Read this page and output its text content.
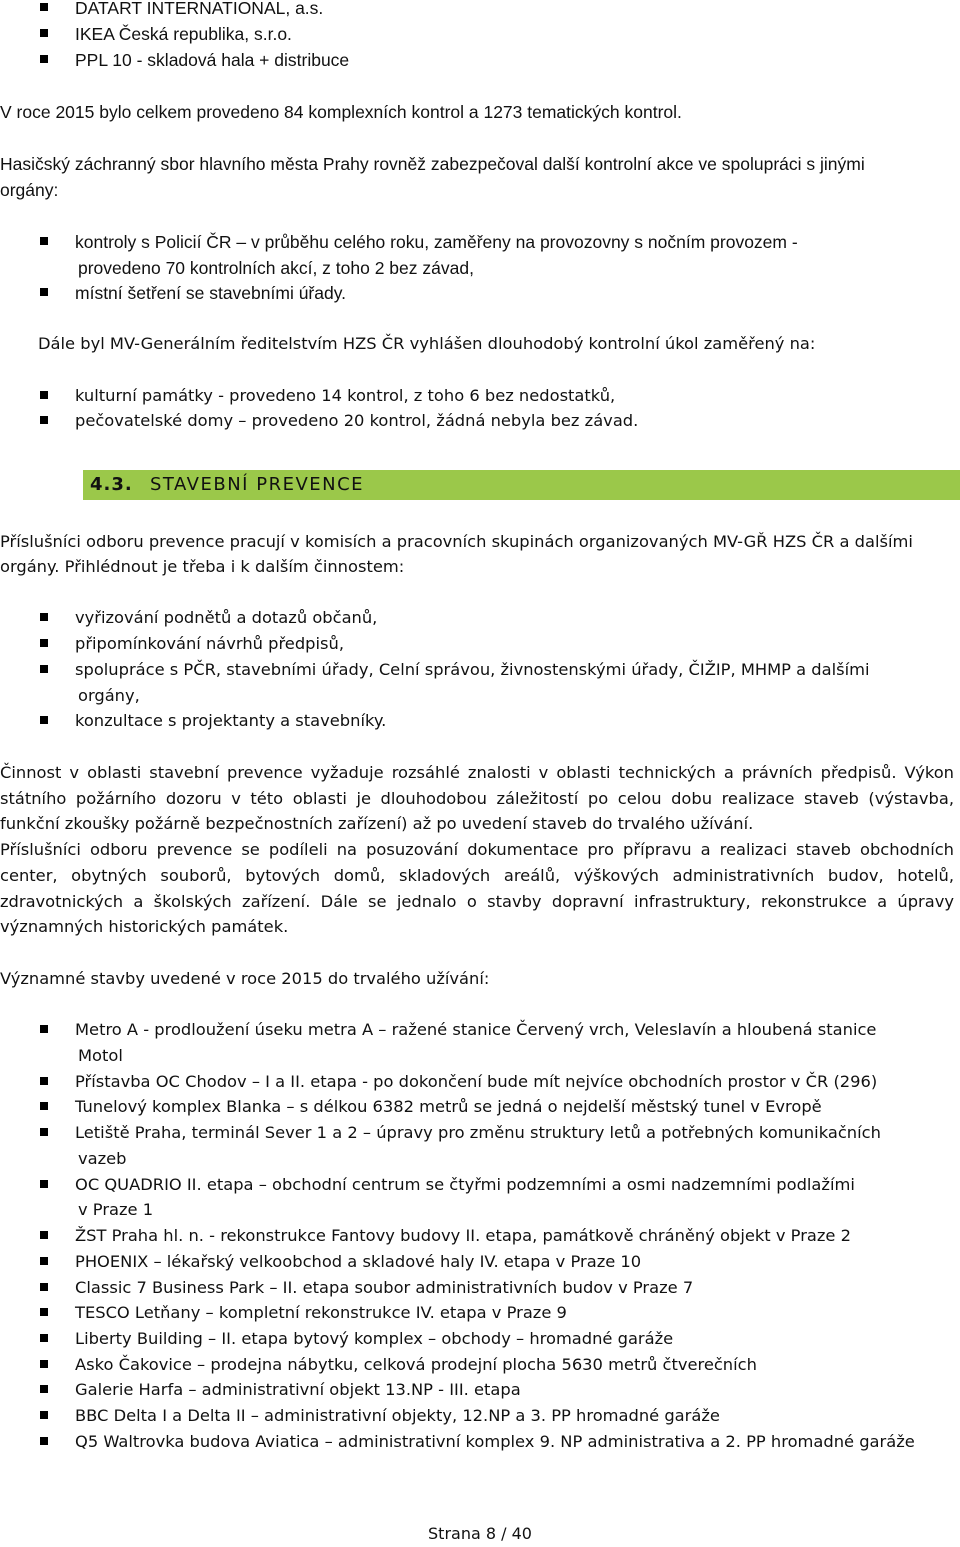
DATART INTERNATIONAL, a.s.
IKEA Česká republika, s.r.o.
PPL 10 - skladová hala + distribuce
V roce 2015 bylo celkem provedeno 84 komplexních kontrol a 1273 tematických kontrol.
Hasičský záchranný sbor hlavního města Prahy rovněž zabezpečoval další kontrolní akce ve spolupráci s jinými
orgány:
kontroly s Policií ČR – v průběhu celého roku, zaměřeny na provozovny s nočním provozem -
provedeno 70 kontrolních akcí, z toho 2 bez závad,
místní šetření se stavebními úřady.
Dále byl MV-Generálním ředitelstvím HZS ČR vyhlášen dlouhodobý kontrolní úkol zaměřený na:
kulturní památky - provedeno 14 kontrol, z toho 6 bez nedostatků,
pečovatelské domy – provedeno 20 kontrol, žádná nebyla bez závad.
4.3. STAVEBNÍ PREVENCE
Příslušníci odboru prevence pracují v komisích a pracovních skupinách organizovaných MV-GŘ HZS ČR a dalšími
orgány. Přihlédnout je třeba i k dalším činnostem:
vyřizování podnětů a dotazů občanů,
připomínkování návrhů předpisů,
spolupráce s PČR, stavebními úřady, Celní správou, živnostenskými úřady, ČIŽIP, MHMP a dalšími
orgány,
konzultace s projektanty a stavebníky.
Činnost v oblasti stavební prevence vyžaduje rozsáhlé znalosti v oblasti technických a právních předpisů. Výkon
státního požárního dozoru v této oblasti je dlouhodobou záležitostí po celou dobu realizace staveb (výstavba,
funkční zkoušky požárně bezpečnostních zařízení) až po uvedení staveb do trvalého užívání.
Příslušníci odboru prevence se podíleli na posuzování dokumentace pro přípravu a realizaci staveb obchodních
center, obytných souborů, bytových domů, skladových areálů, výškových administrativních budov, hotelů,
zdravotnických a školských zařízení. Dále se jednalo o stavby dopravní infrastruktury, rekonstrukce a úpravy
významných historických památek.
Významné stavby uvedené v roce 2015 do trvalého užívání:
Metro A - prodloužení úseku metra A – ražené stanice Červený vrch, Veleslavín a hloubená stanice
Motol
Přístavba OC Chodov – I a II. etapa - po dokončení bude mít nejvíce obchodních prostor v ČR (296)
Tunelový komplex Blanka – s délkou 6382 metrů se jedná o nejdelší městský tunel v Evropě
Letiště Praha, terminál Sever 1 a 2 – úpravy pro změnu struktury letů a potřebných komunikačních
vazeb
OC QUADRIO II. etapa – obchodní centrum se čtyřmi podzemními a osmi nadzemními podlažími
v Praze 1
ŽST Praha hl. n. - rekonstrukce Fantovy budovy II. etapa, památkově chráněný objekt v Praze 2
PHOENIX – lékařský velkoobchod a skladové haly IV. etapa v Praze 10
Classic 7 Business Park – II. etapa soubor administrativních budov v Praze 7
TESCO Letňany – kompletní rekonstrukce IV. etapa v Praze 9
Liberty Building – II. etapa bytový komplex – obchody – hromadné garáže
Asko Čakovice – prodejna nábytku, celková prodejní plocha 5630 metrů čtverečních
Galerie Harfa – administrativní objekt 13.NP - III. etapa
BBC Delta I a Delta II – administrativní objekty, 12.NP a 3. PP hromadné garáže
Q5 Waltrovka budova Aviatica – administrativní komplex 9. NP administrativa a 2. PP hromadné garáže
Strana 8 / 40
